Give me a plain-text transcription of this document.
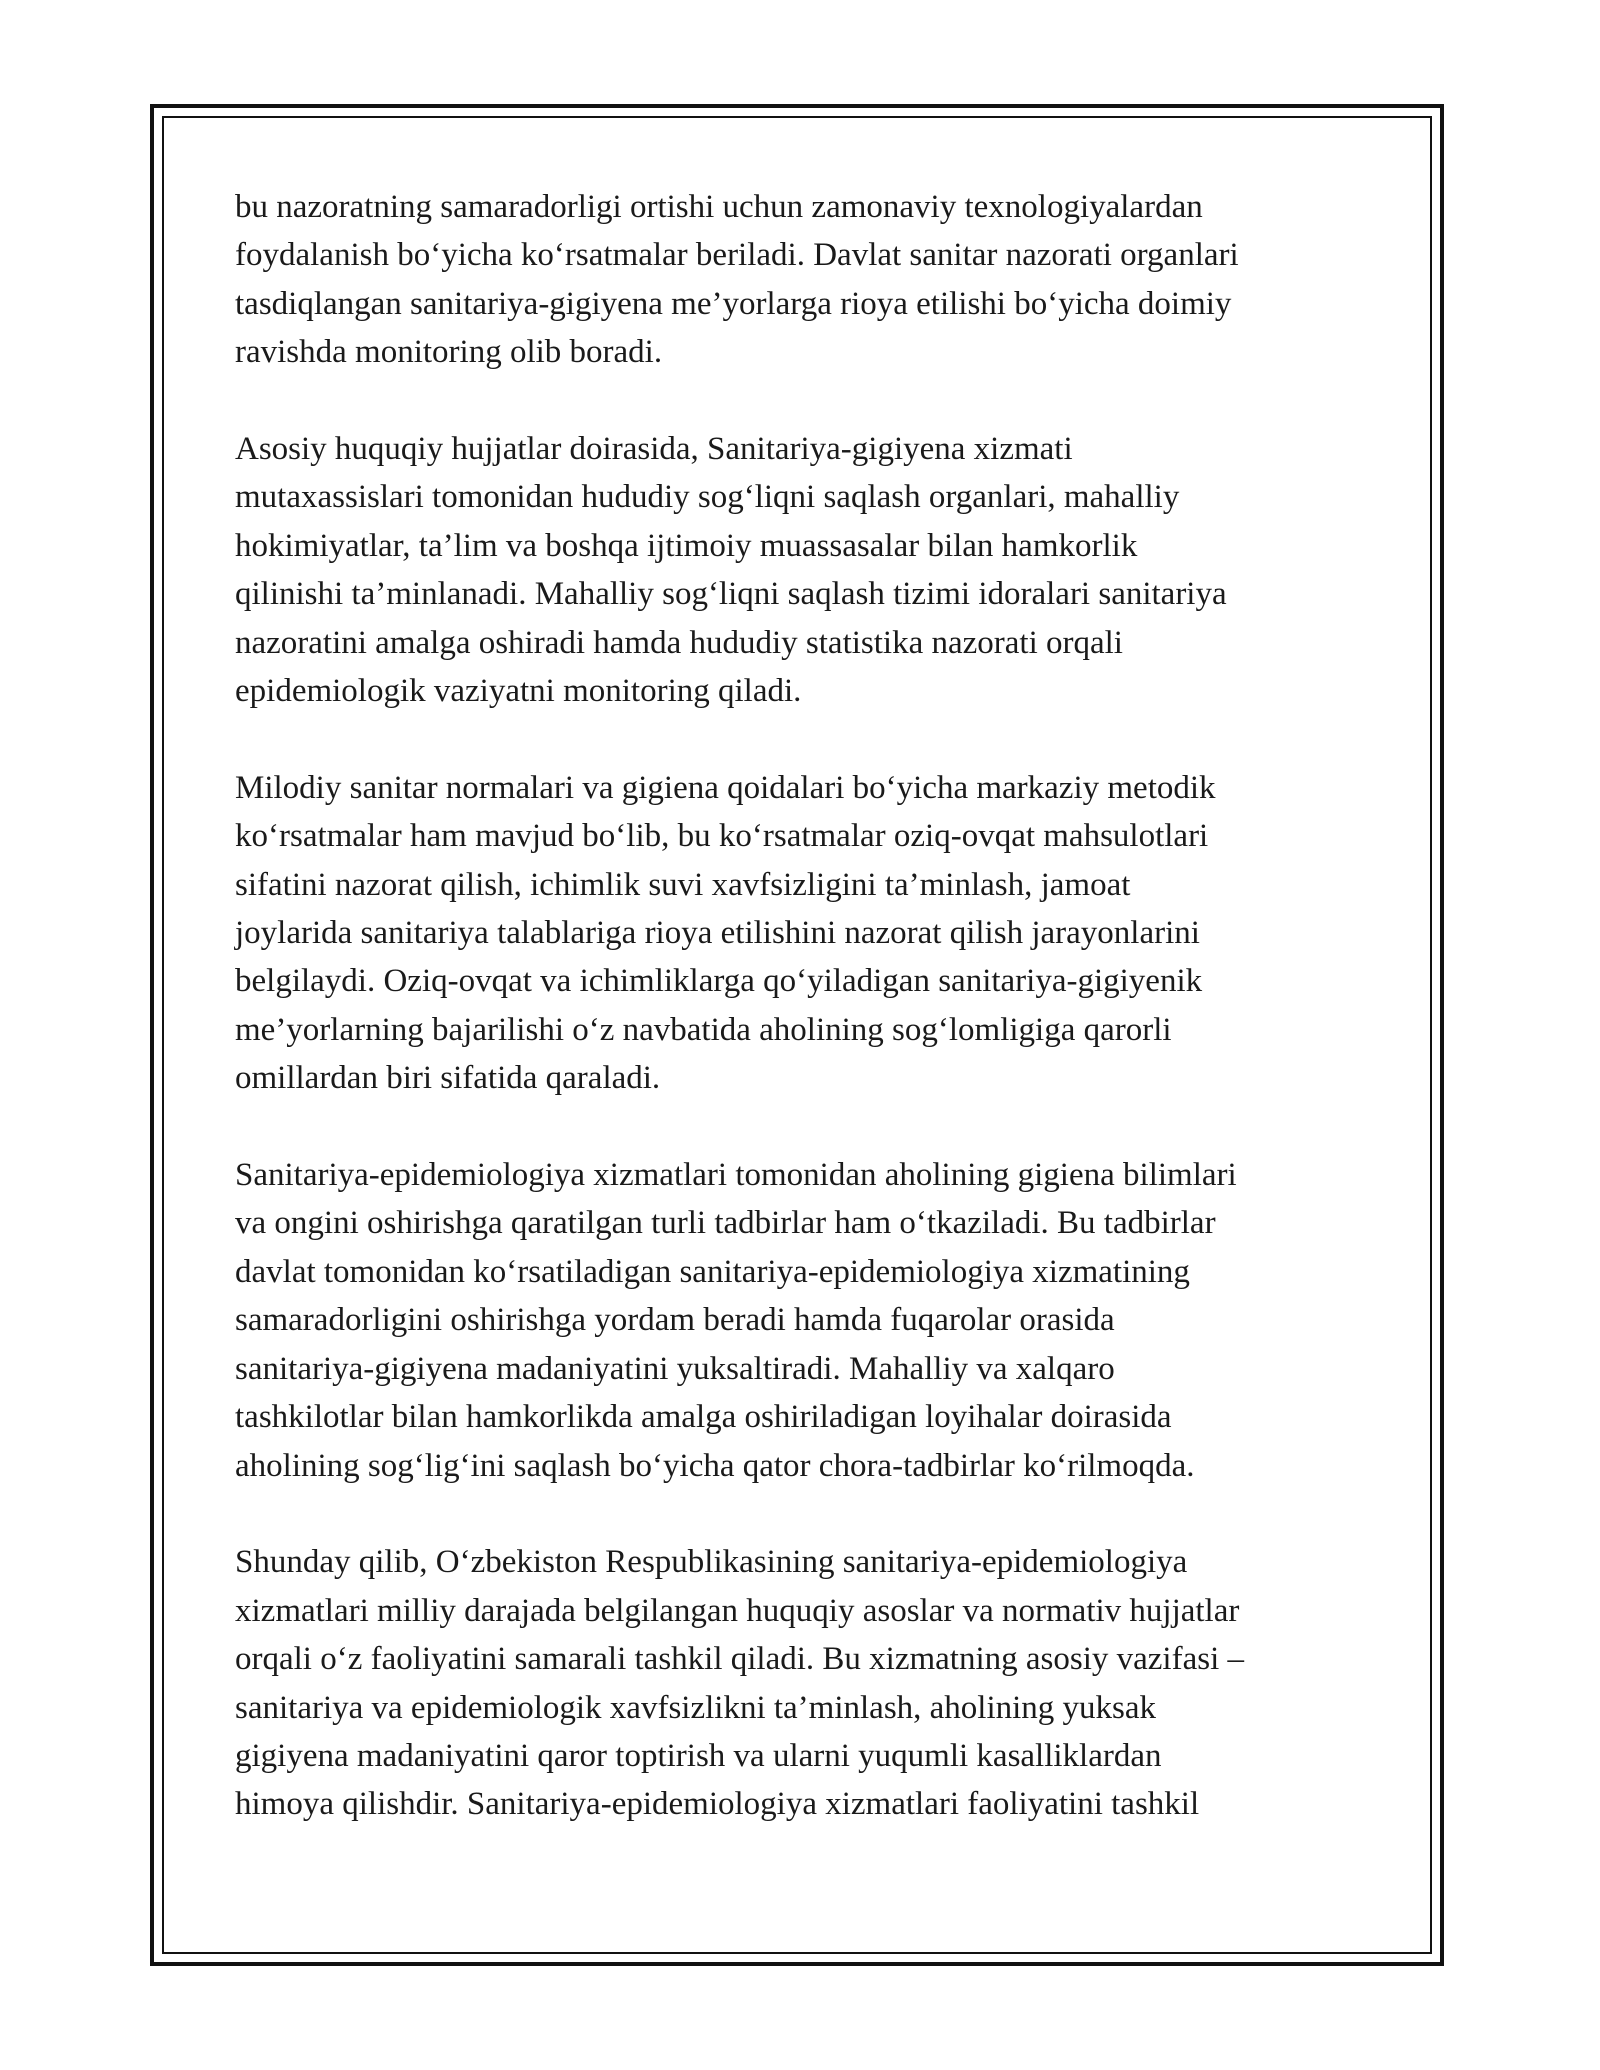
bu nazoratning samaradorligi ortishi uchun zamonaviy texnologiyalardan
foydalanish bo‘yicha ko‘rsatmalar beriladi. Davlat sanitar nazorati organlari
tasdiqlangan sanitariya-gigiyena me’yorlarga rioya etilishi bo‘yicha doimiy
ravishda monitoring olib boradi.

Asosiy huquqiy hujjatlar doirasida, Sanitariya-gigiyena xizmati
mutaxassislari tomonidan hududiy sog‘liqni saqlash organlari, mahalliy
hokimiyatlar, ta’lim va boshqa ijtimoiy muassasalar bilan hamkorlik
qilinishi ta’minlanadi. Mahalliy sog‘liqni saqlash tizimi idoralari sanitariya
nazoratini amalga oshiradi hamda hududiy statistika nazorati orqali
epidemiologik vaziyatni monitoring qiladi.

Milodiy sanitar normalari va gigiena qoidalari bo‘yicha markaziy metodik
ko‘rsatmalar ham mavjud bo‘lib, bu ko‘rsatmalar oziq-ovqat mahsulotlari
sifatini nazorat qilish, ichimlik suvi xavfsizligini ta’minlash, jamoat
joylarida sanitariya talablariga rioya etilishini nazorat qilish jarayonlarini
belgilaydi. Oziq-ovqat va ichimliklarga qo‘yiladigan sanitariya-gigiyenik
me’yorlarning bajarilishi o‘z navbatida aholining sog‘lomligiga qarorli
omillardan biri sifatida qaraladi.

Sanitariya-epidemiologiya xizmatlari tomonidan aholining gigiena bilimlari
va ongini oshirishga qaratilgan turli tadbirlar ham o‘tkaziladi. Bu tadbirlar
davlat tomonidan ko‘rsatiladigan sanitariya-epidemiologiya xizmatining
samaradorligini oshirishga yordam beradi hamda fuqarolar orasida
sanitariya-gigiyena madaniyatini yuksaltiradi. Mahalliy va xalqaro
tashkilotlar bilan hamkorlikda amalga oshiriladigan loyihalar doirasida
aholining sog‘lig‘ini saqlash bo‘yicha qator chora-tadbirlar ko‘rilmoqda.

Shunday qilib, O‘zbekiston Respublikasining sanitariya-epidemiologiya
xizmatlari milliy darajada belgilangan huquqiy asoslar va normativ hujjatlar
orqali o‘z faoliyatini samarali tashkil qiladi. Bu xizmatning asosiy vazifasi –
sanitariya va epidemiologik xavfsizlikni ta’minlash, aholining yuksak
gigiyena madaniyatini qaror toptirish va ularni yuqumli kasalliklardan
himoya qilishdir. Sanitariya-epidemiologiya xizmatlari faoliyatini tashkil
